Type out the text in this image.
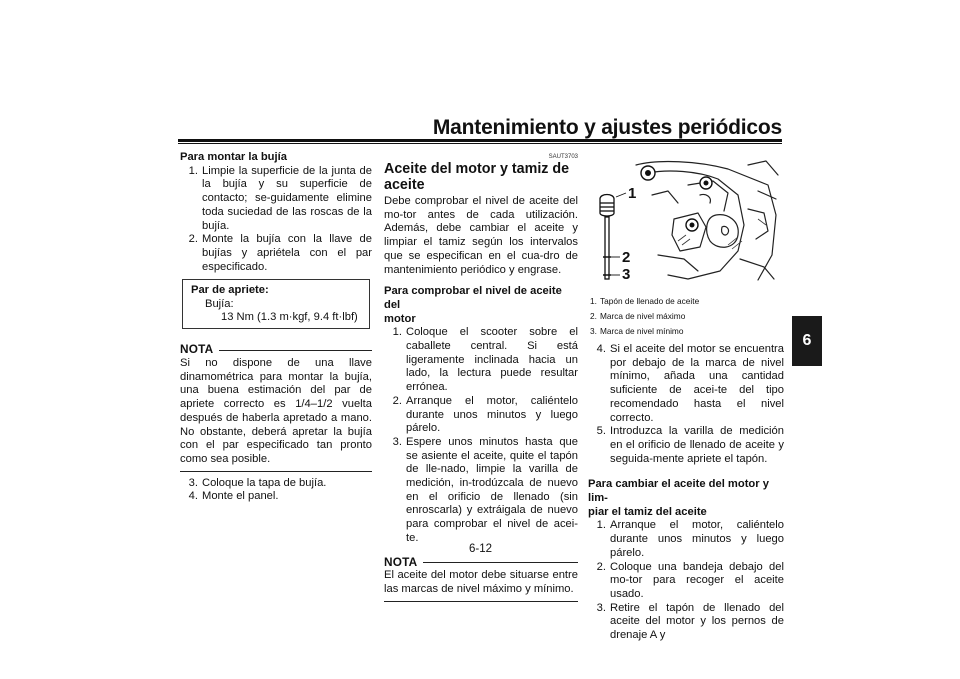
Mantenimiento y ajustes periódicos
6
Para montar la bujía
1. Limpie la superficie de la junta de la bujía y su superficie de contacto; se-guidamente elimine toda suciedad de las roscas de la bujía.
2. Monte la bujía con la llave de bujías y apriétela con el par especificado.
Par de apriete:
Bujía:
13 Nm (1.3 m·kgf, 9.4 ft·lbf)
NOTA

Si no dispone de una llave dinamométrica para montar la bujía, una buena estimación del par de apriete correcto es 1/4–1/2 vuelta después de haberla apretado a mano. No obstante, deberá apretar la bujía con el par especificado tan pronto como sea posible.

3. Coloque la tapa de bujía.
4. Monte el panel.
SAUT3703
Aceite del motor y tamiz de
aceite

Debe comprobar el nivel de aceite del mo-tor antes de cada utilización. Además, debe cambiar el aceite y limpiar el tamiz según los intervalos que se especifican en el cua-dro de mantenimiento periódico y engrase.

Para comprobar el nivel de aceite del
motor
1. Coloque el scooter sobre el caballete central. Si está ligeramente inclinada hacia un lado, la lectura puede resultar errónea.
2. Arranque el motor, caliéntelo durante unos minutos y luego párelo.
3. Espere unos minutos hasta que se asiente el aceite, quite el tapón de lle-nado, limpie la varilla de medición, in-trodúzcala de nuevo en el orificio de llenado (sin enroscarla) y extráigala de nuevo para comprobar el nivel de acei-te.
NOTA

El aceite del motor debe situarse entre las marcas de nivel máximo y mínimo.

1
2
3
1. Tapón de llenado de aceite
2. Marca de nivel máximo
3. Marca de nivel mínimo
4. Si el aceite del motor se encuentra por debajo de la marca de nivel mínimo, añada una cantidad suficiente de acei-te del tipo recomendado hasta el nivel correcto.
5. Introduzca la varilla de medición en el orificio de llenado de aceite y seguida-mente apriete el tapón.
Para cambiar el aceite del motor y lim-
piar el tamiz del aceite
1. Arranque el motor, caliéntelo durante unos minutos y luego párelo.
2. Coloque una bandeja debajo del mo-tor para recoger el aceite usado.
3. Retire el tapón de llenado del aceite del motor y los pernos de drenaje A y
6-12
